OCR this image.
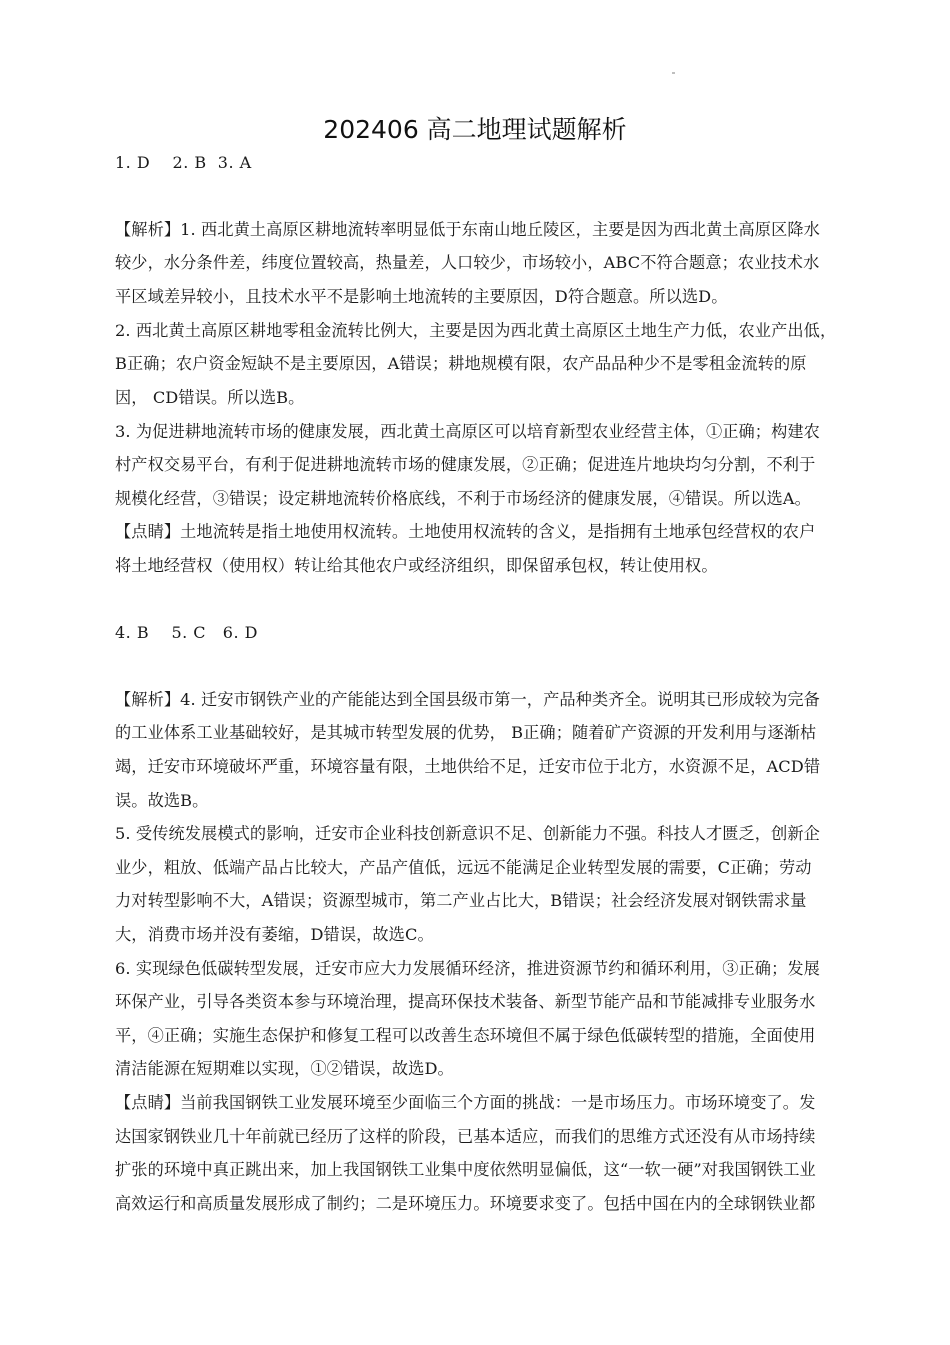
202406 高二地理试题解析
1. D    2. B  3. A
【解析】1. 西北黄土高原区耕地流转率明显低于东南山地丘陵区，主要是因为西北黄土高原区降水
较少，水分条件差，纬度位置较高，热量差，人口较少，市场较小，ABC不符合题意；农业技术水
平区域差异较小，且技术水平不是影响土地流转的主要原因，D符合题意。所以选D。
2. 西北黄土高原区耕地零租金流转比例大，主要是因为西北黄土高原区土地生产力低，农业产出低，
B正确；农户资金短缺不是主要原因，A错误；耕地规模有限，农产品品种少不是零租金流转的原
因， CD错误。所以选B。
3. 为促进耕地流转市场的健康发展，西北黄土高原区可以培育新型农业经营主体，①正确；构建农
村产权交易平台，有利于促进耕地流转市场的健康发展，②正确；促进连片地块均匀分割，不利于
规模化经营，③错误；设定耕地流转价格底线，不利于市场经济的健康发展，④错误。所以选A。
【点睛】土地流转是指土地使用权流转。土地使用权流转的含义，是指拥有土地承包经营权的农户
将土地经营权（使用权）转让给其他农户或经济组织，即保留承包权，转让使用权。
4. B    5. C   6. D
【解析】4. 迁安市钢铁产业的产能能达到全国县级市第一，产品种类齐全。说明其已形成较为完备
的工业体系工业基础较好，是其城市转型发展的优势， B正确；随着矿产资源的开发利用与逐渐枯
竭，迁安市环境破坏严重，环境容量有限，土地供给不足，迁安市位于北方，水资源不足，ACD错
误。故选B。
5. 受传统发展模式的影响，迁安市企业科技创新意识不足、创新能力不强。科技人才匮乏，创新企
业少，粗放、低端产品占比较大，产品产值低，远远不能满足企业转型发展的需要，C正确；劳动
力对转型影响不大，A错误；资源型城市，第二产业占比大，B错误；社会经济发展对钢铁需求量
大，消费市场并没有萎缩，D错误，故选C。
6. 实现绿色低碳转型发展，迁安市应大力发展循环经济，推进资源节约和循环利用，③正确；发展
环保产业，引导各类资本参与环境治理，提高环保技术装备、新型节能产品和节能减排专业服务水
平，④正确；实施生态保护和修复工程可以改善生态环境但不属于绿色低碳转型的措施，全面使用
清洁能源在短期难以实现，①②错误，故选D。
【点睛】当前我国钢铁工业发展环境至少面临三个方面的挑战：一是市场压力。市场环境变了。发
达国家钢铁业几十年前就已经历了这样的阶段，已基本适应，而我们的思维方式还没有从市场持续
扩张的环境中真正跳出来，加上我国钢铁工业集中度依然明显偏低，这“一软一硬”对我国钢铁工业
高效运行和高质量发展形成了制约；二是环境压力。环境要求变了。包括中国在内的全球钢铁业都
